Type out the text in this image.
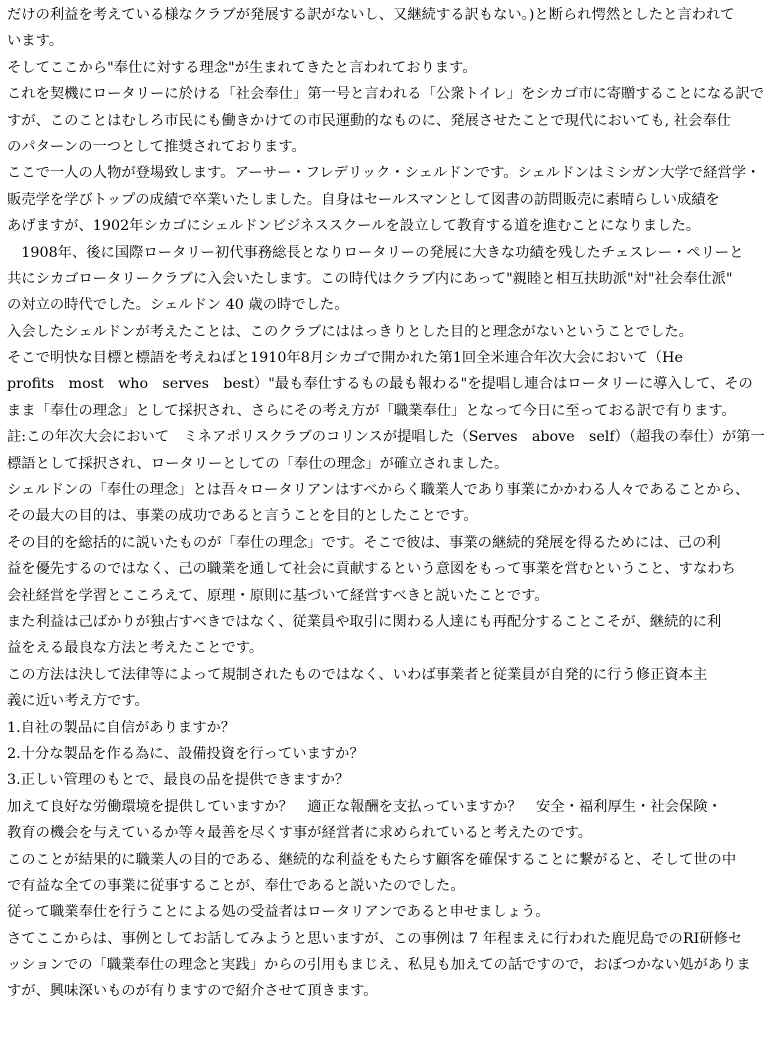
だけの利益を考えている様なクラブが発展する訳がないし、又継続する訳もない。)と断られ愕然としたと言われて
います。
そしてここから"奉仕に対する理念"が生まれてきたと言われております。
これを契機にロータリーに於ける「社会奉仕」第一号と言われる「公衆トイレ」をシカゴ市に寄贈することになる訳で
すが、このことはむしろ市民にも働きかけての市民運動的なものに、発展させたことで現代においても, 社会奉仕
のパターンの一つとして推奨されております。
ここで一人の人物が登場致します。アーサー・フレデリック・シェルドンです。シェルドンはミシガン大学で経営学・
販売学を学びトップの成績で卒業いたしました。自身はセールスマンとして図書の訪問販売に素晴らしい成績を
あげますが、1902年シカゴにシェルドンビジネススクールを設立して教育する道を進むことになりました。
　1908年、後に国際ロータリー初代事務総長となりロータリーの発展に大きな功績を残したチェスレー・ペリーと
共にシカゴロータリークラブに入会いたします。この時代はクラブ内にあって"親睦と相互扶助派"対"社会奉仕派"
の対立の時代でした。シェルドン 40 歳の時でした。
入会したシェルドンが考えたことは、このクラブにははっきりとした目的と理念がないということでした。
そこで明快な目標と標語を考えねばと1910年8月シカゴで開かれた第1回全米連合年次大会において（He
profits　most　who　serves　best）"最も奉仕するもの最も報わる"を提唱し連合はロータリーに導入して、その
まま「奉仕の理念」として採択され、さらにその考え方が「職業奉仕」となって今日に至っておる訳で有ります。
註:この年次大会において　ミネアポリスクラブのコリンスが提唱した（Serves　above　self）（超我の奉仕）が第一
標語として採択され、ロータリーとしての「奉仕の理念」が確立されました。
シェルドンの「奉仕の理念」とは吾々ロータリアンはすべからく職業人であり事業にかかわる人々であることから、
その最大の目的は、事業の成功であると言うことを目的としたことです。
その目的を総括的に説いたものが「奉仕の理念」です。そこで彼は、事業の継続的発展を得るためには、己の利
益を優先するのではなく、己の職業を通して社会に貢献するという意図をもって事業を営むということ、すなわち
会社経営を学習とこころえて、原理・原則に基づいて経営すべきと説いたことです。
また利益は己ばかりが独占すべきではなく、従業員や取引に関わる人達にも再配分することこそが、継続的に利
益をえる最良な方法と考えたことです。
この方法は決して法律等によって規制されたものではなく、いわば事業者と従業員が自発的に行う修正資本主
義に近い考え方です。
1.自社の製品に自信がありますか？
2.十分な製品を作る為に、設備投資を行っていますか？
3.正しい管理のもとで、最良の品を提供できますか？
加えて良好な労働環境を提供していますか？　適正な報酬を支払っていますか？　安全・福利厚生・社会保険・
教育の機会を与えているか等々最善を尽くす事が経営者に求められていると考えたのです。
このことが結果的に職業人の目的である、継続的な利益をもたらす顧客を確保することに繋がると、そして世の中
で有益な全ての事業に従事することが、奉仕であると説いたのでした。
従って職業奉仕を行うことによる処の受益者はロータリアンであると申せましょう。
さてここからは、事例としてお話してみようと思いますが、この事例は 7 年程まえに行われた鹿児島でのRI研修セ
ッションでの「職業奉仕の理念と実践」からの引用もまじえ、私見も加えての話ですので，おぼつかない処がありま
すが、興味深いものが有りますので紹介させて頂きます。
